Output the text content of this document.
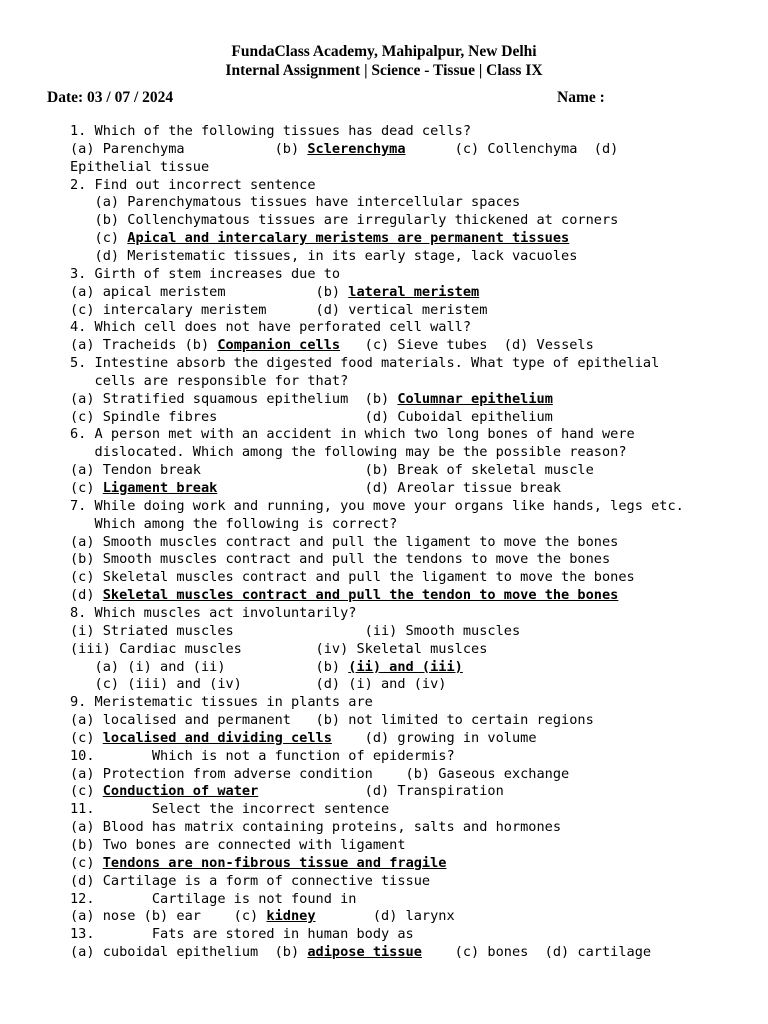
FundaClass Academy, Mahipalpur, New Delhi
Internal Assignment | Science - Tissue | Class IX
Date: 03 / 07 / 2024	Name :
1. Which of the following tissues has dead cells?
(a) Parenchyma           (b) Sclerenchyma      (c) Collenchyma  (d)
Epithelial tissue
2. Find out incorrect sentence
(a) Parenchymatous tissues have intercellular spaces
(b) Collenchymatous tissues are irregularly thickened at corners
(c) Apical and intercalary meristems are permanent tissues
(d) Meristematic tissues, in its early stage, lack vacuoles
3. Girth of stem increases due to
(a) apical meristem           (b) lateral meristem
(c) intercalary meristem      (d) vertical meristem
4. Which cell does not have perforated cell wall?
(a) Tracheids (b) Companion cells   (c) Sieve tubes  (d) Vessels
5. Intestine absorb the digested food materials. What type of epithelial
cells are responsible for that?
(a) Stratified squamous epithelium  (b) Columnar epithelium
(c) Spindle fibres                  (d) Cuboidal epithelium
6. A person met with an accident in which two long bones of hand were
dislocated. Which among the following may be the possible reason?
(a) Tendon break                    (b) Break of skeletal muscle
(c) Ligament break                  (d) Areolar tissue break
7. While doing work and running, you move your organs like hands, legs etc.
Which among the following is correct?
(a) Smooth muscles contract and pull the ligament to move the bones
(b) Smooth muscles contract and pull the tendons to move the bones
(c) Skeletal muscles contract and pull the ligament to move the bones
(d) Skeletal muscles contract and pull the tendon to move the bones
8. Which muscles act involuntarily?
(i) Striated muscles                (ii) Smooth muscles
(iii) Cardiac muscles         (iv) Skeletal muslces
(a) (i) and (ii)           (b) (ii) and (iii)
(c) (iii) and (iv)         (d) (i) and (iv)
9. Meristematic tissues in plants are
(a) localised and permanent   (b) not limited to certain regions
(c) localised and dividing cells    (d) growing in volume
10.       Which is not a function of epidermis?
(a) Protection from adverse condition    (b) Gaseous exchange
(c) Conduction of water             (d) Transpiration
11.       Select the incorrect sentence
(a) Blood has matrix containing proteins, salts and hormones
(b) Two bones are connected with ligament
(c) Tendons are non-fibrous tissue and fragile
(d) Cartilage is a form of connective tissue
12.       Cartilage is not found in
(a) nose (b) ear    (c) kidney       (d) larynx
13.       Fats are stored in human body as
(a) cuboidal epithelium  (b) adipose tissue    (c) bones  (d) cartilage
